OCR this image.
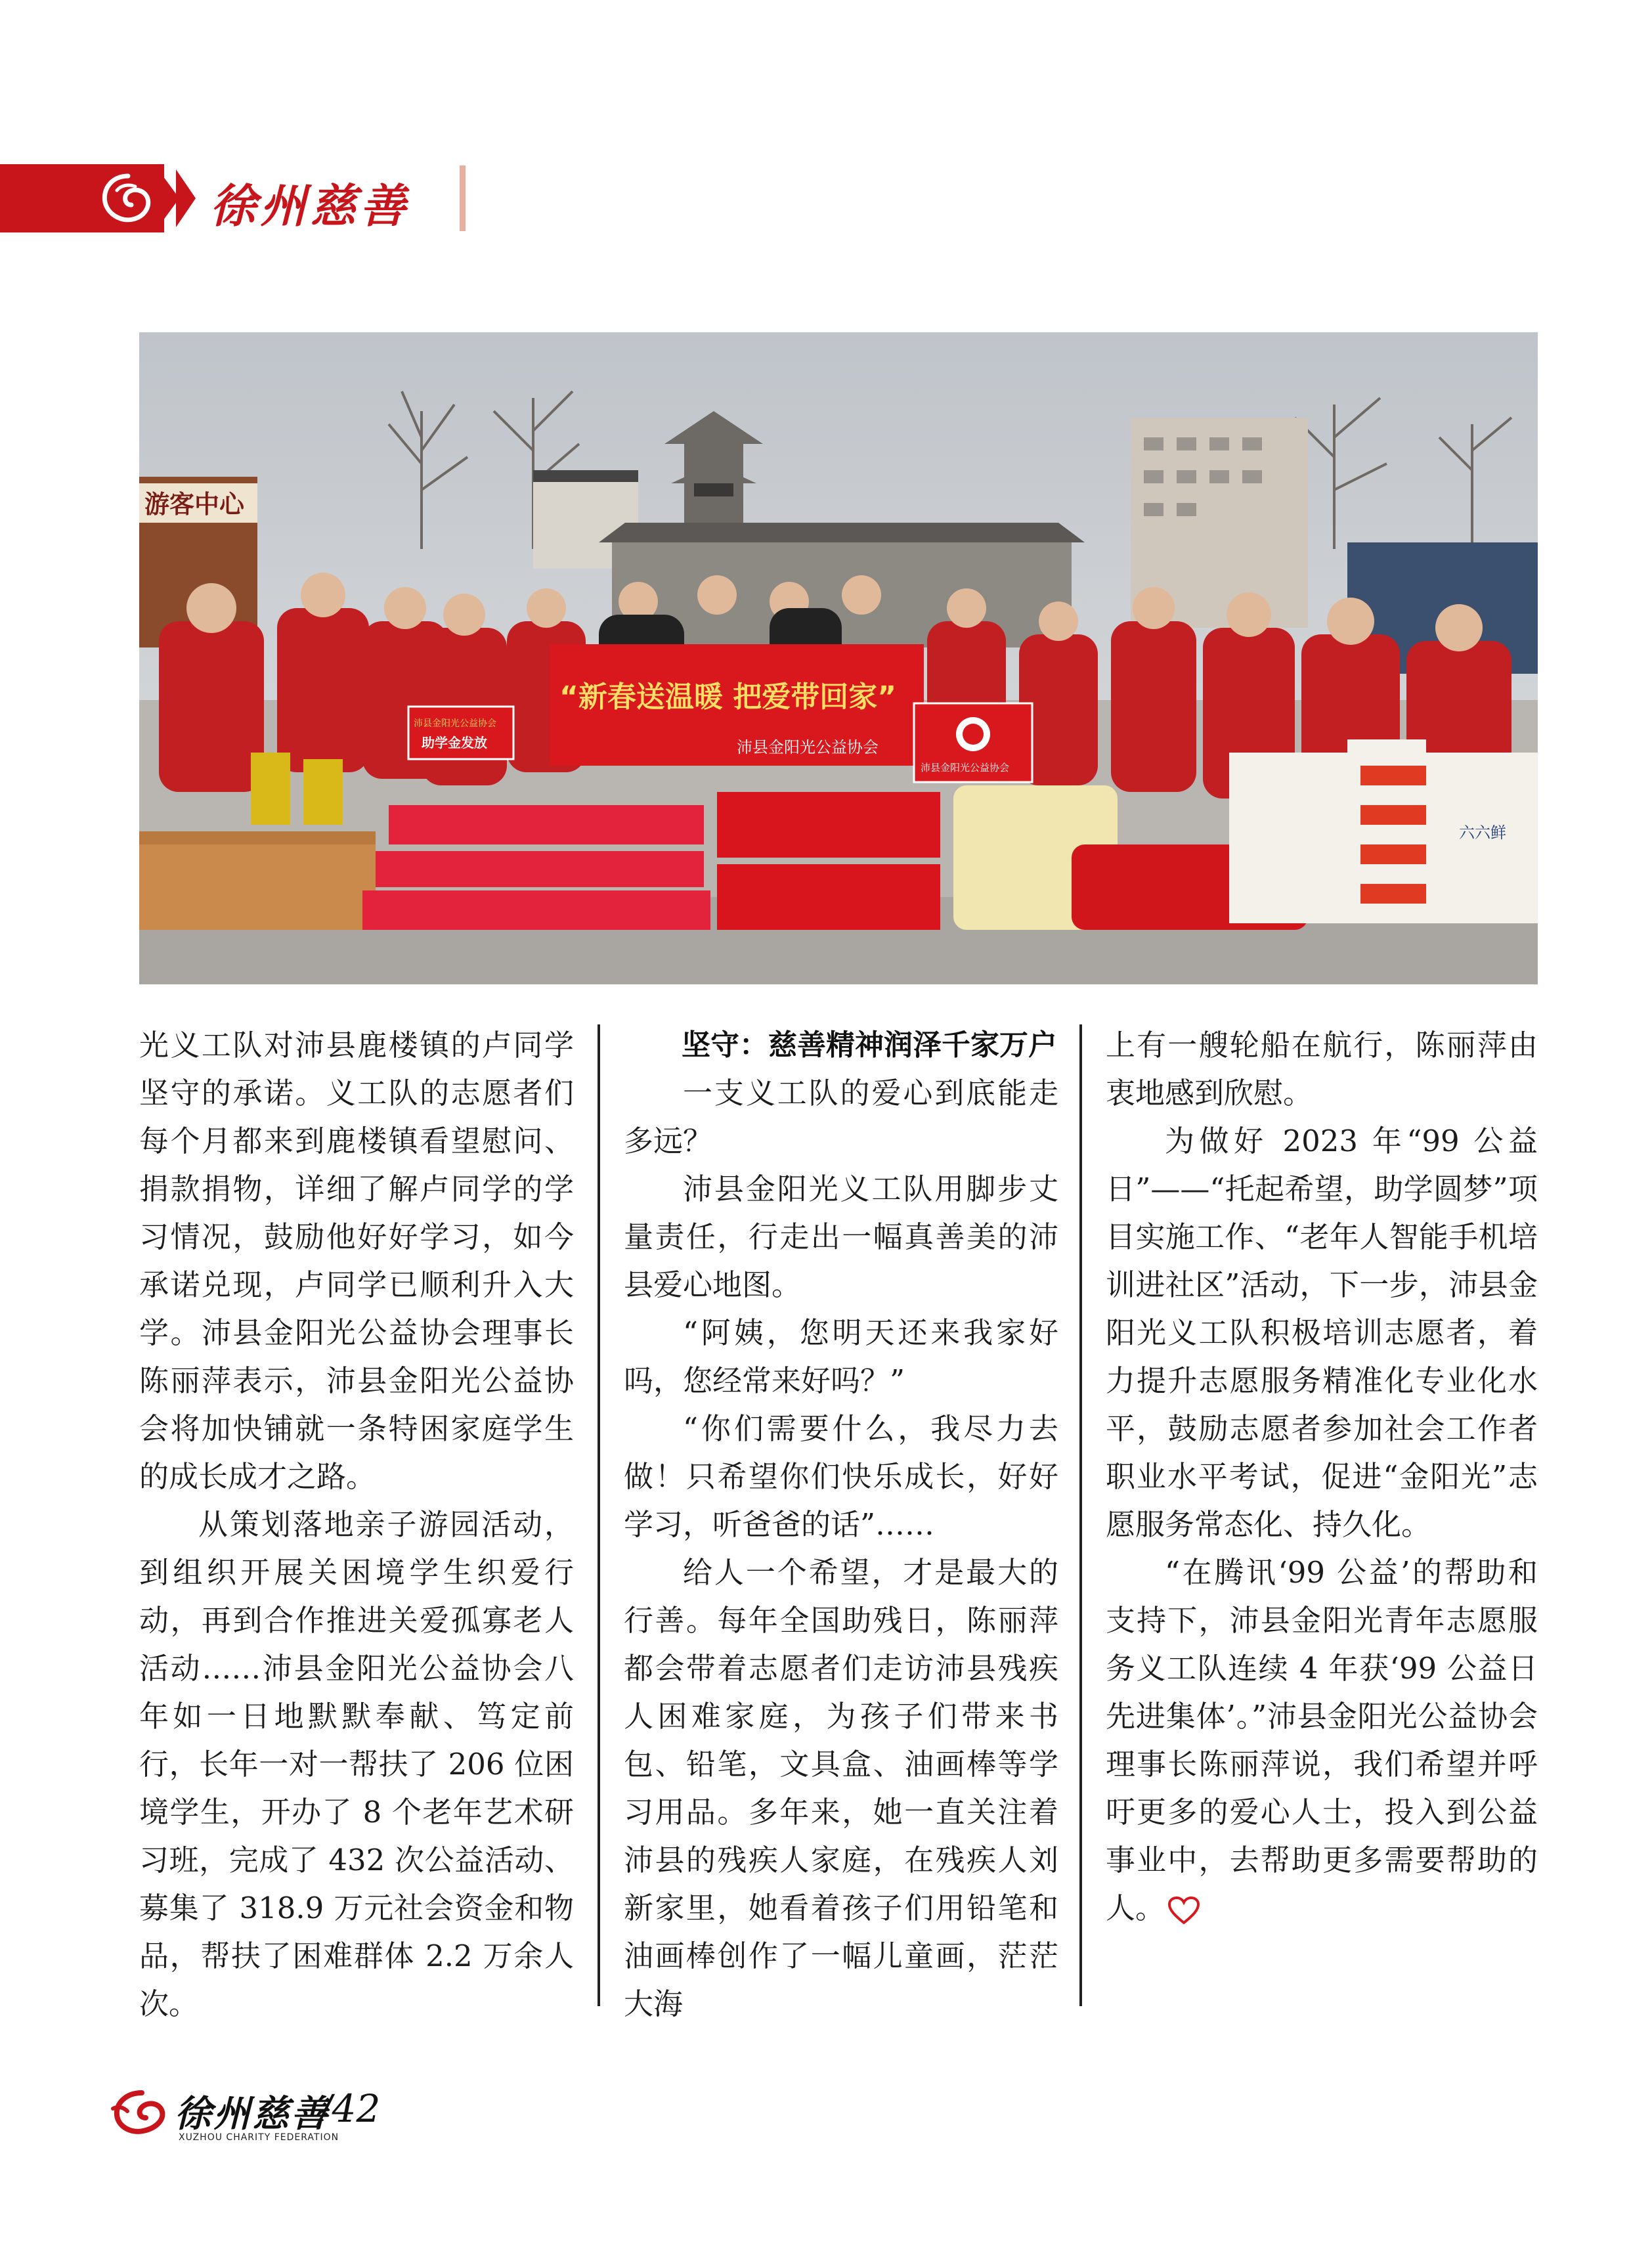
徐州慈善
游客中心
“新春送温暖 把爱带回家”
沛县金阳光公益协会
沛县金阳光公益协会
助学金发放
沛县金阳光公益协会
六六鲜

光义工队对沛县鹿楼镇的卢同学坚守的承诺。义工队的志愿者们每个月都来到鹿楼镇看望慰问、捐款捐物，详细了解卢同学的学习情况，鼓励他好好学习，如今承诺兑现，卢同学已顺利升入大学。沛县金阳光公益协会理事长陈丽萍表示，沛县金阳光公益协会将加快铺就一条特困家庭学生的成长成才之路。

从策划落地亲子游园活动，到组织开展关困境学生织爱行动，再到合作推进关爱孤寡老人活动……沛县金阳光公益协会八年如一日地默默奉献、笃定前行，长年一对一帮扶了 206 位困境学生，开办了 8 个老年艺术研习班，完成了 432 次公益活动、募集了 318.9 万元社会资金和物品，帮扶了困难群体 2.2 万余人次。

坚守：慈善精神润泽千家万户

一支义工队的爱心到底能走多远？

沛县金阳光义工队用脚步丈量责任，行走出一幅真善美的沛县爱心地图。

“阿姨，您明天还来我家好吗，您经常来好吗？”

“你们需要什么，我尽力去做！只希望你们快乐成长，好好学习，听爸爸的话”……

给人一个希望，才是最大的行善。每年全国助残日，陈丽萍都会带着志愿者们走访沛县残疾人困难家庭，为孩子们带来书包、铅笔，文具盒、油画棒等学习用品。多年来，她一直关注着沛县的残疾人家庭，在残疾人刘新家里，她看着孩子们用铅笔和油画棒创作了一幅儿童画，茫茫大海

上有一艘轮船在航行，陈丽萍由衷地感到欣慰。

为做好 2023 年“99 公益日”——“托起希望，助学圆梦”项目实施工作、“老年人智能手机培训进社区”活动，下一步，沛县金阳光义工队积极培训志愿者，着力提升志愿服务精准化专业化水平，鼓励志愿者参加社会工作者职业水平考试，促进“金阳光”志愿服务常态化、持久化。

“在腾讯‘99 公益’的帮助和支持下，沛县金阳光青年志愿服务义工队连续 4 年获‘99 公益日先进集体’。”沛县金阳光公益协会理事长陈丽萍说，我们希望并呼吁更多的爱心人士，投入到公益事业中，去帮助更多需要帮助的人。

徐州慈善
XUZHOU CHARITY FEDERATION
/42
